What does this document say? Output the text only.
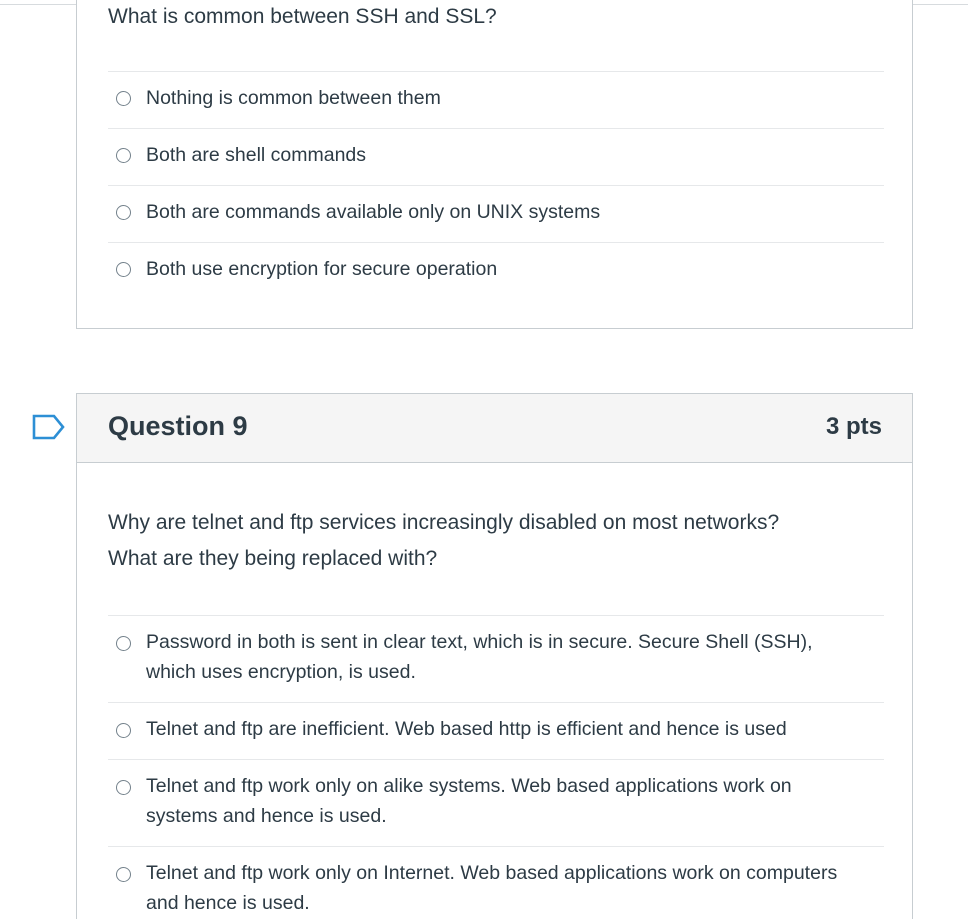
What is common between SSH and SSL?
Nothing is common between them
Both are shell commands
Both are commands available only on UNIX systems
Both use encryption for secure operation
Question 9	3 pts
Why are telnet and ftp services increasingly disabled on most networks?
What are they being replaced with?
Password in both is sent in clear text, which is in secure. Secure Shell (SSH), which uses encryption, is used.
Telnet and ftp are inefficient. Web based http is efficient and hence is used
Telnet and ftp work only on alike systems. Web based applications work on systems and hence is used.
Telnet and ftp work only on Internet. Web based applications work on computers and hence is used.
